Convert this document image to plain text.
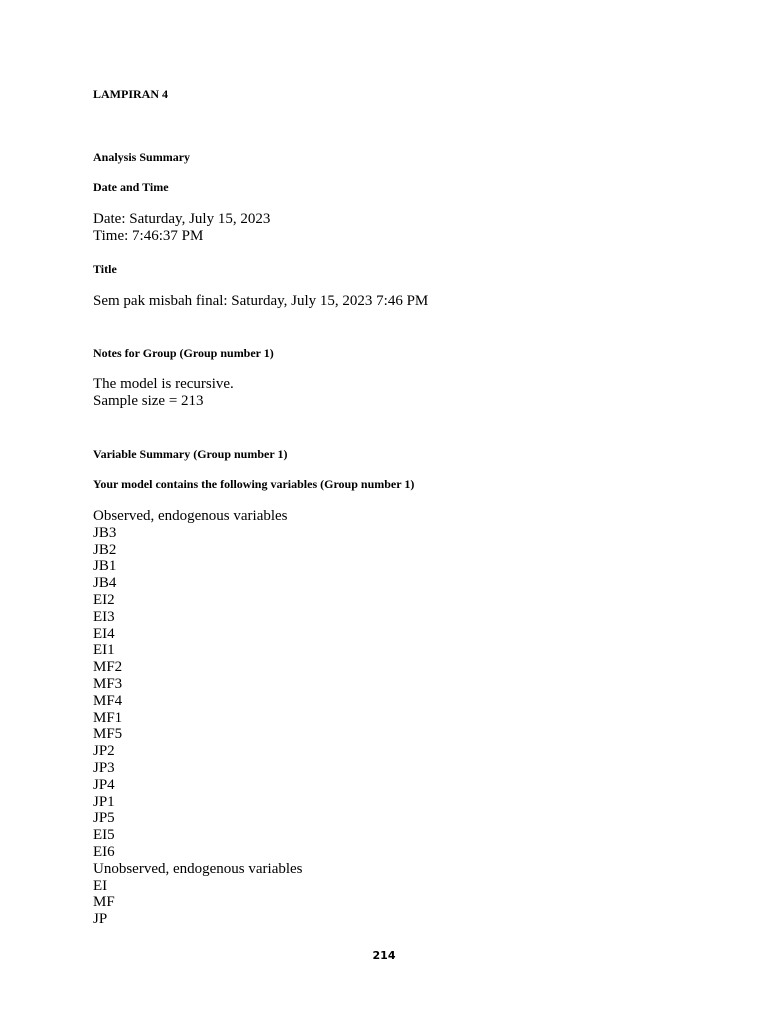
LAMPIRAN 4
Analysis Summary
Date and Time
Date: Saturday, July 15, 2023
Time: 7:46:37 PM
Title
Sem pak misbah final: Saturday, July 15, 2023 7:46 PM
Notes for Group (Group number 1)
The model is recursive.
Sample size = 213
Variable Summary (Group number 1)
Your model contains the following variables (Group number 1)
Observed, endogenous variables
JB3
JB2
JB1
JB4
EI2
EI3
EI4
EI1
MF2
MF3
MF4
MF1
MF5
JP2
JP3
JP4
JP1
JP5
EI5
EI6
Unobserved, endogenous variables
EI
MF
JP
214
